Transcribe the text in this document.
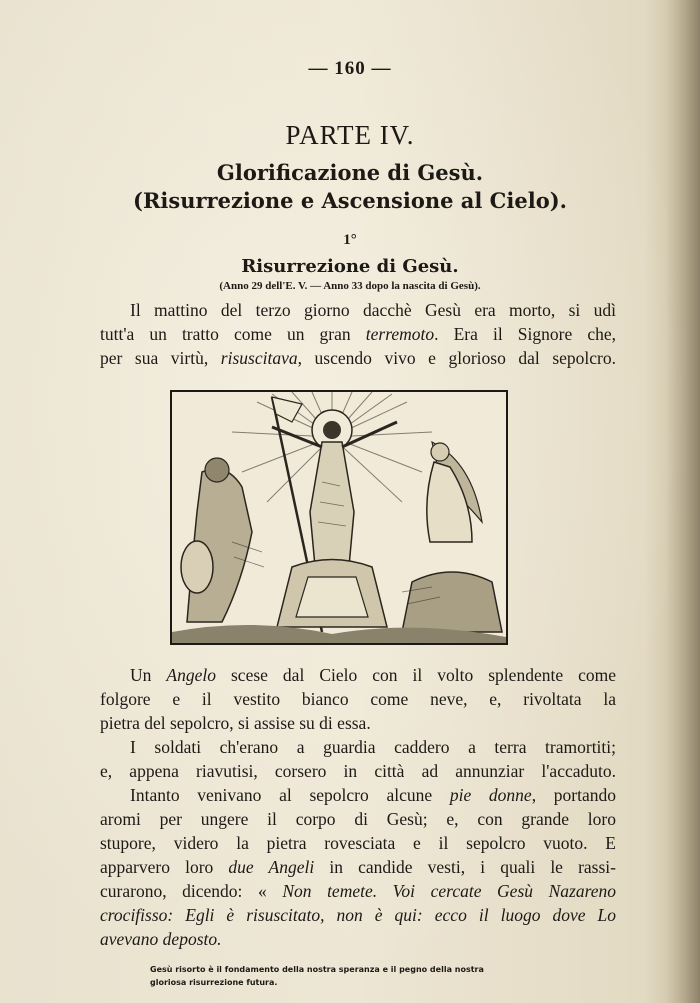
— 160 —
PARTE IV.
Glorificazione di Gesù.
(Risurrezione e Ascensione al Cielo).
1°
Risurrezione di Gesù.
(Anno 29 dell'E. V. — Anno 33 dopo la nascita di Gesù).
Il mattino del terzo giorno dacchè Gesù era morto, si udì
tutt'a un tratto come un gran terremoto. Era il Signore che,
per sua virtù, risuscitava, uscendo vivo e glorioso dal sepolcro.
Un Angelo scese dal Cielo con il volto splendente come
folgore e il vestito bianco come neve, e, rivoltata la
pietra del sepolcro, si assise su di essa.
I soldati ch'erano a guardia caddero a terra tramortiti;
e, appena riavutisi, corsero in città ad annunziar l'accaduto.
Intanto venivano al sepolcro alcune pie donne, portando
aromi per ungere il corpo di Gesù; e, con grande loro
stupore, videro la pietra rovesciata e il sepolcro vuoto. E
apparvero loro due Angeli in candide vesti, i quali le rassi-
curarono, dicendo: « Non temete. Voi cercate Gesù Nazareno
crocifisso: Egli è risuscitato, non è qui: ecco il luogo dove Lo
avevano deposto.
Gesù risorto è il fondamento della nostra speranza e il pegno della nostra
gloriosa risurrezione futura.
